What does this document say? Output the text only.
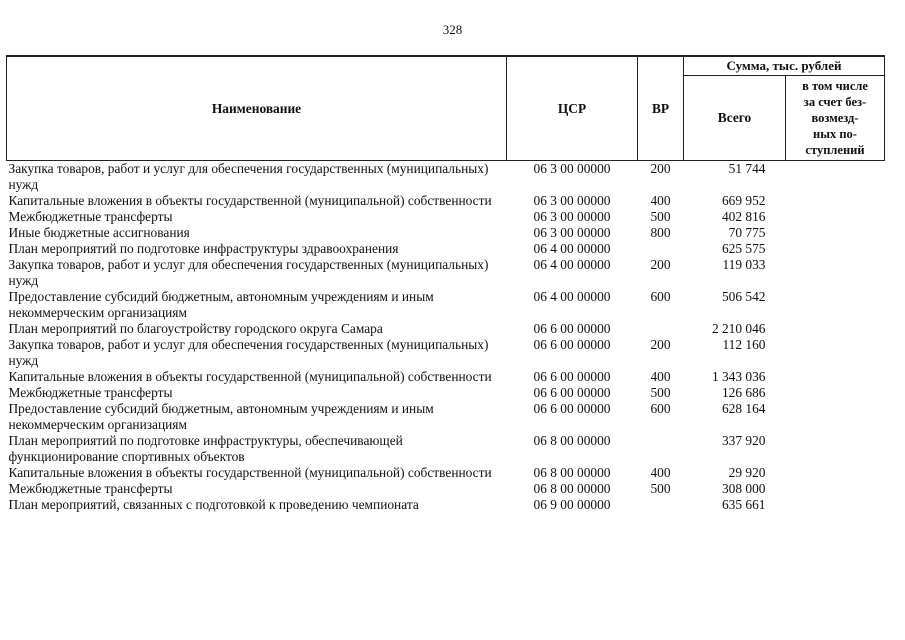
328
Наименование	ЦСР	ВР	Сумма, тыс. рублей	
			Всего	в том числе
за счет без-
возмезд-
ных по-
ступлений

Закупка товаров, работ и услуг для обеспечения государственных (муниципальных) нужд	06 3 00 00000	200	51 744	
Капитальные вложения в объекты государственной (муниципальной) собственности	06 3 00 00000	400	669 952	
Межбюджетные трансферты	06 3 00 00000	500	402 816	
Иные бюджетные ассигнования	06 3 00 00000	800	70 775	
План мероприятий по подготовке инфраструктуры здравоохранения	06 4 00 00000		625 575	
Закупка товаров, работ и услуг для обеспечения государственных (муниципальных) нужд	06 4 00 00000	200	119 033	
Предоставление субсидий бюджетным, автономным учреждениям и иным некоммерческим организациям	06 4 00 00000	600	506 542	
План мероприятий по благоустройству городского округа Самара	06 6 00 00000		2 210 046	
Закупка товаров, работ и услуг для обеспечения государственных (муниципальных) нужд	06 6 00 00000	200	112 160	
Капитальные вложения в объекты государственной (муниципальной) собственности	06 6 00 00000	400	1 343 036	
Межбюджетные трансферты	06 6 00 00000	500	126 686	
Предоставление субсидий бюджетным, автономным учреждениям и иным некоммерческим организациям	06 6 00 00000	600	628 164	
План мероприятий по подготовке инфраструктуры, обеспечивающей функционирование спортивных объектов	06 8 00 00000		337 920	
Капитальные вложения в объекты государственной (муниципальной) собственности	06 8 00 00000	400	29 920	
Межбюджетные трансферты	06 8 00 00000	500	308 000	
План мероприятий, связанных с подготовкой к проведению чемпионата	06 9 00 00000		635 661	
